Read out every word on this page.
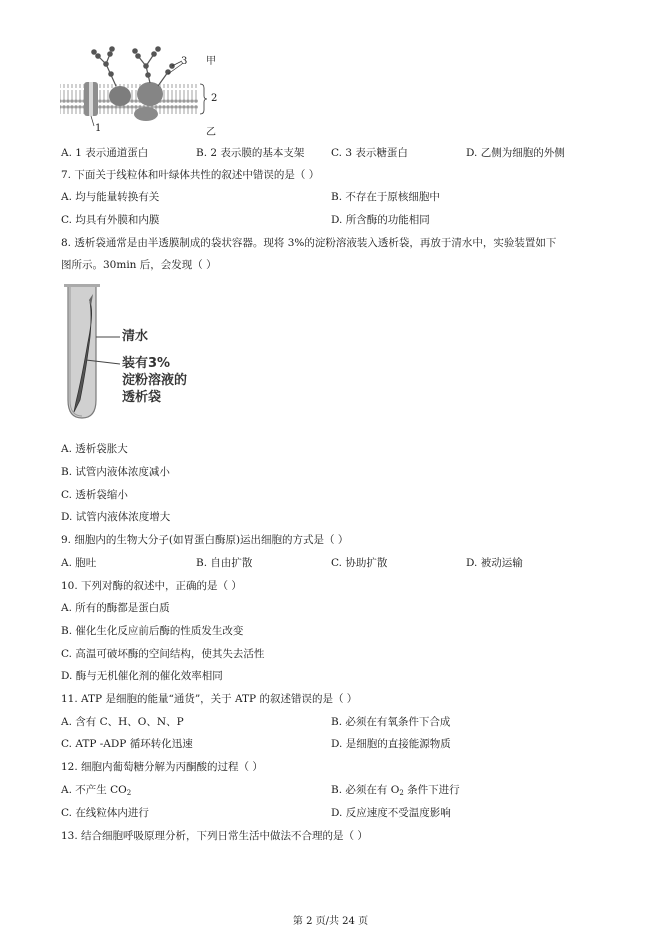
3 甲
2
1	乙
A. 1 表示通道蛋白	B. 2 表示膜的基本支架	C. 3 表示糖蛋白	D. 乙侧为细胞的外侧
7. 下面关于线粒体和叶绿体共性的叙述中错误的是（ ）
A. 均与能量转换有关	B. 不存在于原核细胞中
C. 均具有外膜和内膜	D. 所含酶的功能相同
8. 透析袋通常是由半透膜制成的袋状容器。现将 3%的淀粉溶液装入透析袋，再放于清水中，实验装置如下
图所示。30min 后，会发现（ ）
清水
装有3%
淀粉溶液的
透析袋
A. 透析袋胀大
B. 试管内液体浓度减小
C. 透析袋缩小
D. 试管内液体浓度增大
9. 细胞内的生物大分子(如胃蛋白酶原)运出细胞的方式是（ ）
A. 胞吐	B. 自由扩散	C. 协助扩散	D. 被动运输
10. 下列对酶的叙述中，正确的是（ ）
A. 所有的酶都是蛋白质
B. 催化生化反应前后酶的性质发生改变
C. 高温可破坏酶的空间结构，使其失去活性
D. 酶与无机催化剂的催化效率相同
11. ATP 是细胞的能量“通货”，关于 ATP 的叙述错误的是（ ）
A. 含有 C、H、O、N、P	B. 必须在有氧条件下合成
C. ATP -ADP 循环转化迅速	D. 是细胞的直接能源物质
12. 细胞内葡萄糖分解为丙酮酸的过程（ ）
A. 不产生 $CO_2$	B. 必须在有 $O_2$ 条件下进行
C. 在线粒体内进行	D. 反应速度不受温度影响
13. 结合细胞呼吸原理分析，下列日常生活中做法不合理的是（ ）
第 2 页/共 24 页
